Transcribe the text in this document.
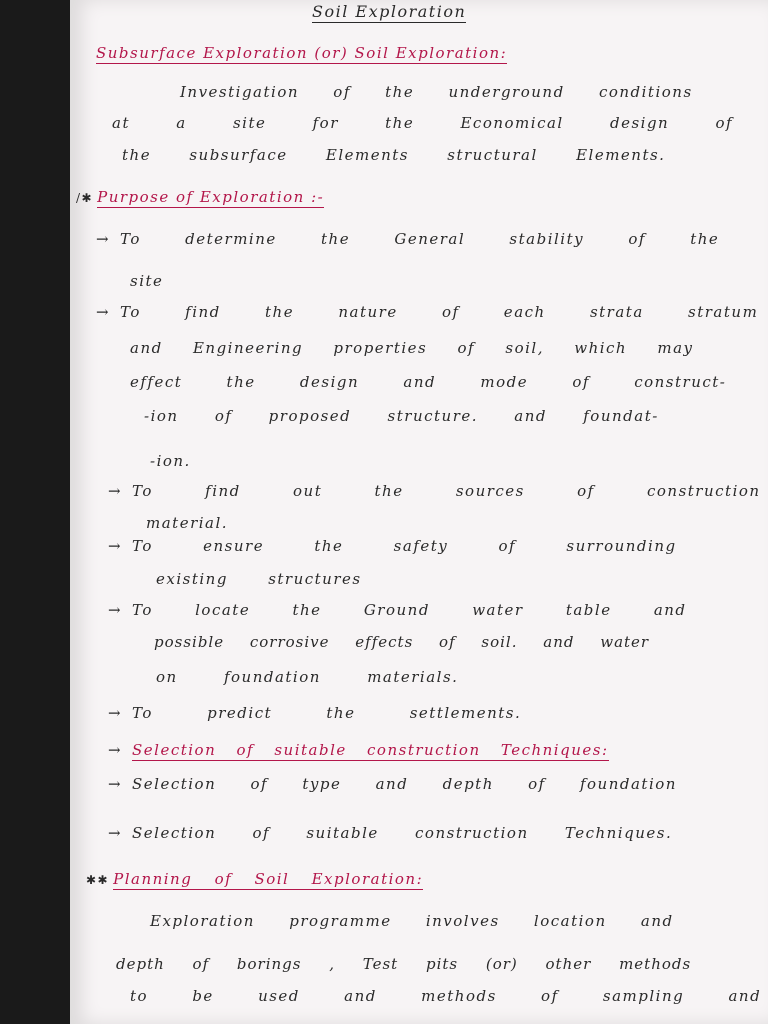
Soil Exploration
Subsurface Exploration (or) Soil Exploration:
Investigation of the underground conditions
at a site for the Economical design of
the subsurface Elements structural Elements.
/✱ Purpose of Exploration :-
→ To determine the General stability of the
site
→ To find the nature of each strata stratum
and Engineering properties of soil, which may
effect the design and mode of construct-
-ion of proposed structure. and foundat-
-ion.
→ To find out the sources of construction
material.
→ To ensure the safety of surrounding
existing structures
→ To locate the Ground water table and
possible corrosive effects of soil. and water
on foundation materials.
→ To predict the settlements.
→ Selection of suitable construction Techniques:
→ Selection of type and depth of foundation
→ Selection of suitable construction Techniques.
✱✱ Planning of Soil Exploration:
Exploration programme involves location and
depth of borings , Test pits (or) other methods
to be used and methods of sampling and
